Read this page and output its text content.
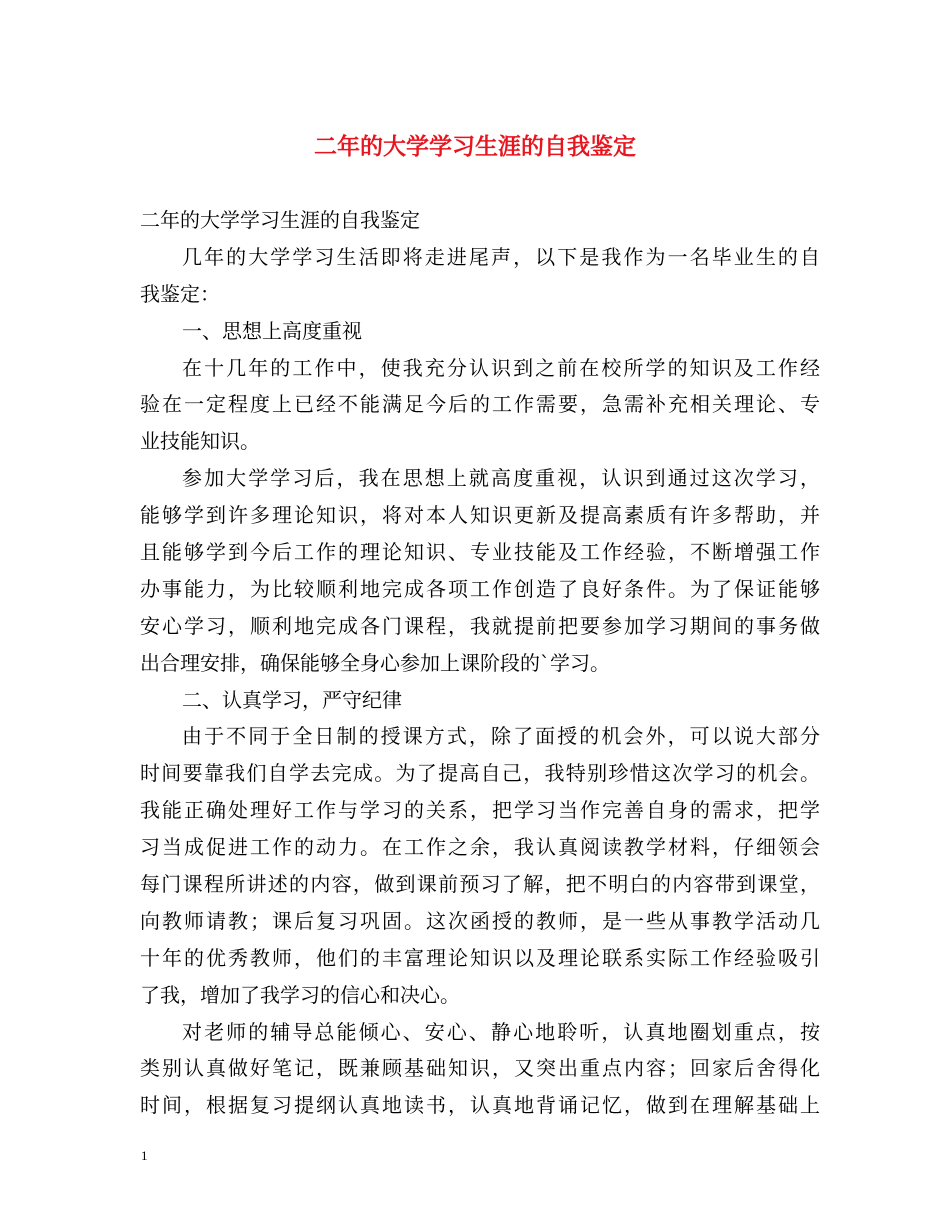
二年的大学学习生涯的自我鉴定
二年的大学学习生涯的自我鉴定
几年的大学学习生活即将走进尾声，以下是我作为一名毕业生的自
我鉴定：
一、思想上高度重视
在十几年的工作中，使我充分认识到之前在校所学的知识及工作经
验在一定程度上已经不能满足今后的工作需要，急需补充相关理论、专
业技能知识。
参加大学学习后，我在思想上就高度重视，认识到通过这次学习，
能够学到许多理论知识，将对本人知识更新及提高素质有许多帮助，并
且能够学到今后工作的理论知识、专业技能及工作经验，不断增强工作
办事能力，为比较顺利地完成各项工作创造了良好条件。为了保证能够
安心学习，顺利地完成各门课程，我就提前把要参加学习期间的事务做
出合理安排，确保能够全身心参加上课阶段的`学习。
二、认真学习，严守纪律
由于不同于全日制的授课方式，除了面授的机会外，可以说大部分
时间要靠我们自学去完成。为了提高自己，我特别珍惜这次学习的机会。
我能正确处理好工作与学习的关系，把学习当作完善自身的需求，把学
习当成促进工作的动力。在工作之余，我认真阅读教学材料，仔细领会
每门课程所讲述的内容，做到课前预习了解，把不明白的内容带到课堂，
向教师请教；课后复习巩固。这次函授的教师，是一些从事教学活动几
十年的优秀教师，他们的丰富理论知识以及理论联系实际工作经验吸引
了我，增加了我学习的信心和决心。
对老师的辅导总能倾心、安心、静心地聆听，认真地圈划重点，按
类别认真做好笔记，既兼顾基础知识，又突出重点内容；回家后舍得化
时间，根据复习提纲认真地读书，认真地背诵记忆，做到在理解基础上
1
